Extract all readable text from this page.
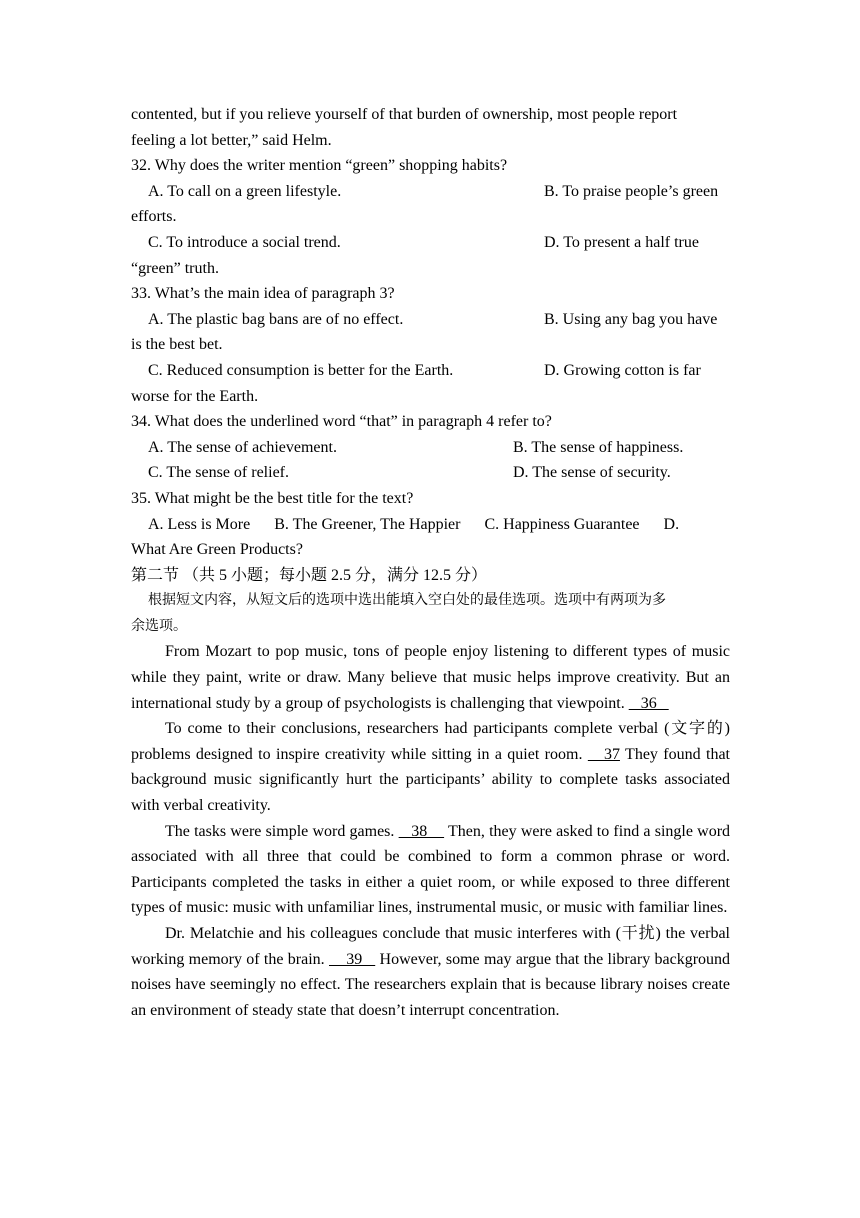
contented, but if you relieve yourself of that burden of ownership, most people report
feeling a lot better,” said Helm.
32. Why does the writer mention “green” shopping habits?
A. To call on a green lifestyle.	B. To praise people’s green
efforts.
C. To introduce a social trend.	D. To present a half true
“green” truth.
33. What’s the main idea of paragraph 3?
A. The plastic bag bans are of no effect.	B. Using any bag you have
is the best bet.
C. Reduced consumption is better for the Earth.	D. Growing cotton is far
worse for the Earth.
34. What does the underlined word “that” in paragraph 4 refer to?
A. The sense of achievement.	B. The sense of happiness.
C. The sense of relief.	D. The sense of security.
35. What might be the best title for the text?
A. Less is More B. The Greener, The Happier C. Happiness Guarantee D.
What Are Green Products?
第二节 （共 5 小题；每小题 2.5 分，满分 12.5 分）
根据短文内容，从短文后的选项中选出能填入空白处的最佳选项。选项中有两项为多
余选项。

From Mozart to pop music, tons of people enjoy listening to different types of music while they paint, write or draw. Many believe that music helps improve creativity. But an international study by a group of psychologists is challenging that viewpoint.    36

To come to their conclusions, researchers had participants complete verbal (文字的) problems designed to inspire creativity while sitting in a quiet room.    37 They found that background music significantly hurt the participants’ ability to complete tasks associated with verbal creativity.

The tasks were simple word games.    38     Then, they were asked to find a single word associated with all three that could be combined to form a common phrase or word. Participants completed the tasks in either a quiet room, or while exposed to three different types of music: music with unfamiliar lines, instrumental music, or music with familiar lines.

Dr. Melatchie and his colleagues conclude that music interferes with (干扰) the verbal working memory of the brain.     39    However, some may argue that the library background noises have seemingly no effect. The researchers explain that is because library noises create an environment of steady state that doesn’t interrupt concentration.
